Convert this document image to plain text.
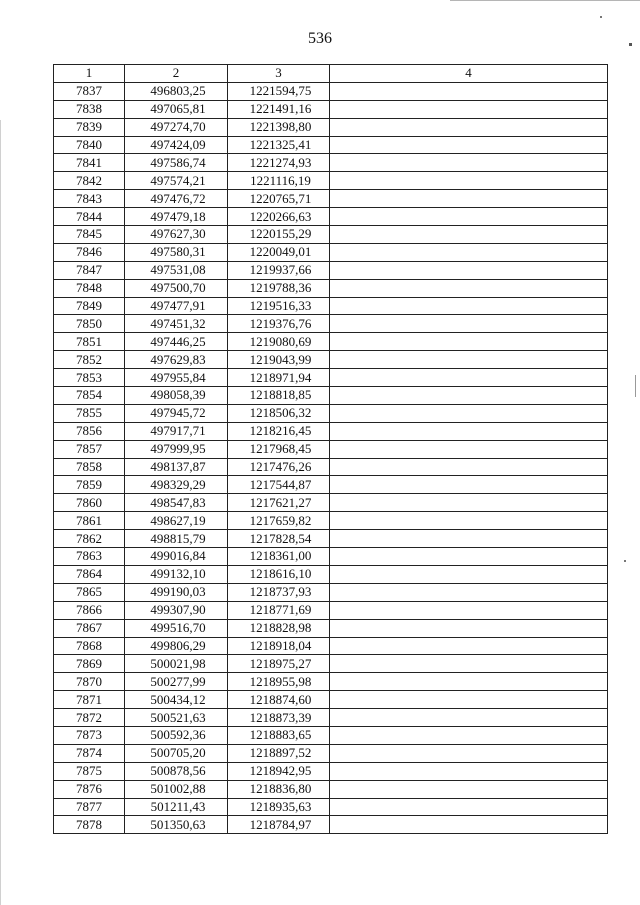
536
1	2	3	4
7837	496803,25	1221594,75	
7838	497065,81	1221491,16	
7839	497274,70	1221398,80	
7840	497424,09	1221325,41	
7841	497586,74	1221274,93	
7842	497574,21	1221116,19	
7843	497476,72	1220765,71	
7844	497479,18	1220266,63	
7845	497627,30	1220155,29	
7846	497580,31	1220049,01	
7847	497531,08	1219937,66	
7848	497500,70	1219788,36	
7849	497477,91	1219516,33	
7850	497451,32	1219376,76	
7851	497446,25	1219080,69	
7852	497629,83	1219043,99	
7853	497955,84	1218971,94	
7854	498058,39	1218818,85	
7855	497945,72	1218506,32	
7856	497917,71	1218216,45	
7857	497999,95	1217968,45	
7858	498137,87	1217476,26	
7859	498329,29	1217544,87	
7860	498547,83	1217621,27	
7861	498627,19	1217659,82	
7862	498815,79	1217828,54	
7863	499016,84	1218361,00	
7864	499132,10	1218616,10	
7865	499190,03	1218737,93	
7866	499307,90	1218771,69	
7867	499516,70	1218828,98	
7868	499806,29	1218918,04	
7869	500021,98	1218975,27	
7870	500277,99	1218955,98	
7871	500434,12	1218874,60	
7872	500521,63	1218873,39	
7873	500592,36	1218883,65	
7874	500705,20	1218897,52	
7875	500878,56	1218942,95	
7876	501002,88	1218836,80	
7877	501211,43	1218935,63	
7878	501350,63	1218784,97	
